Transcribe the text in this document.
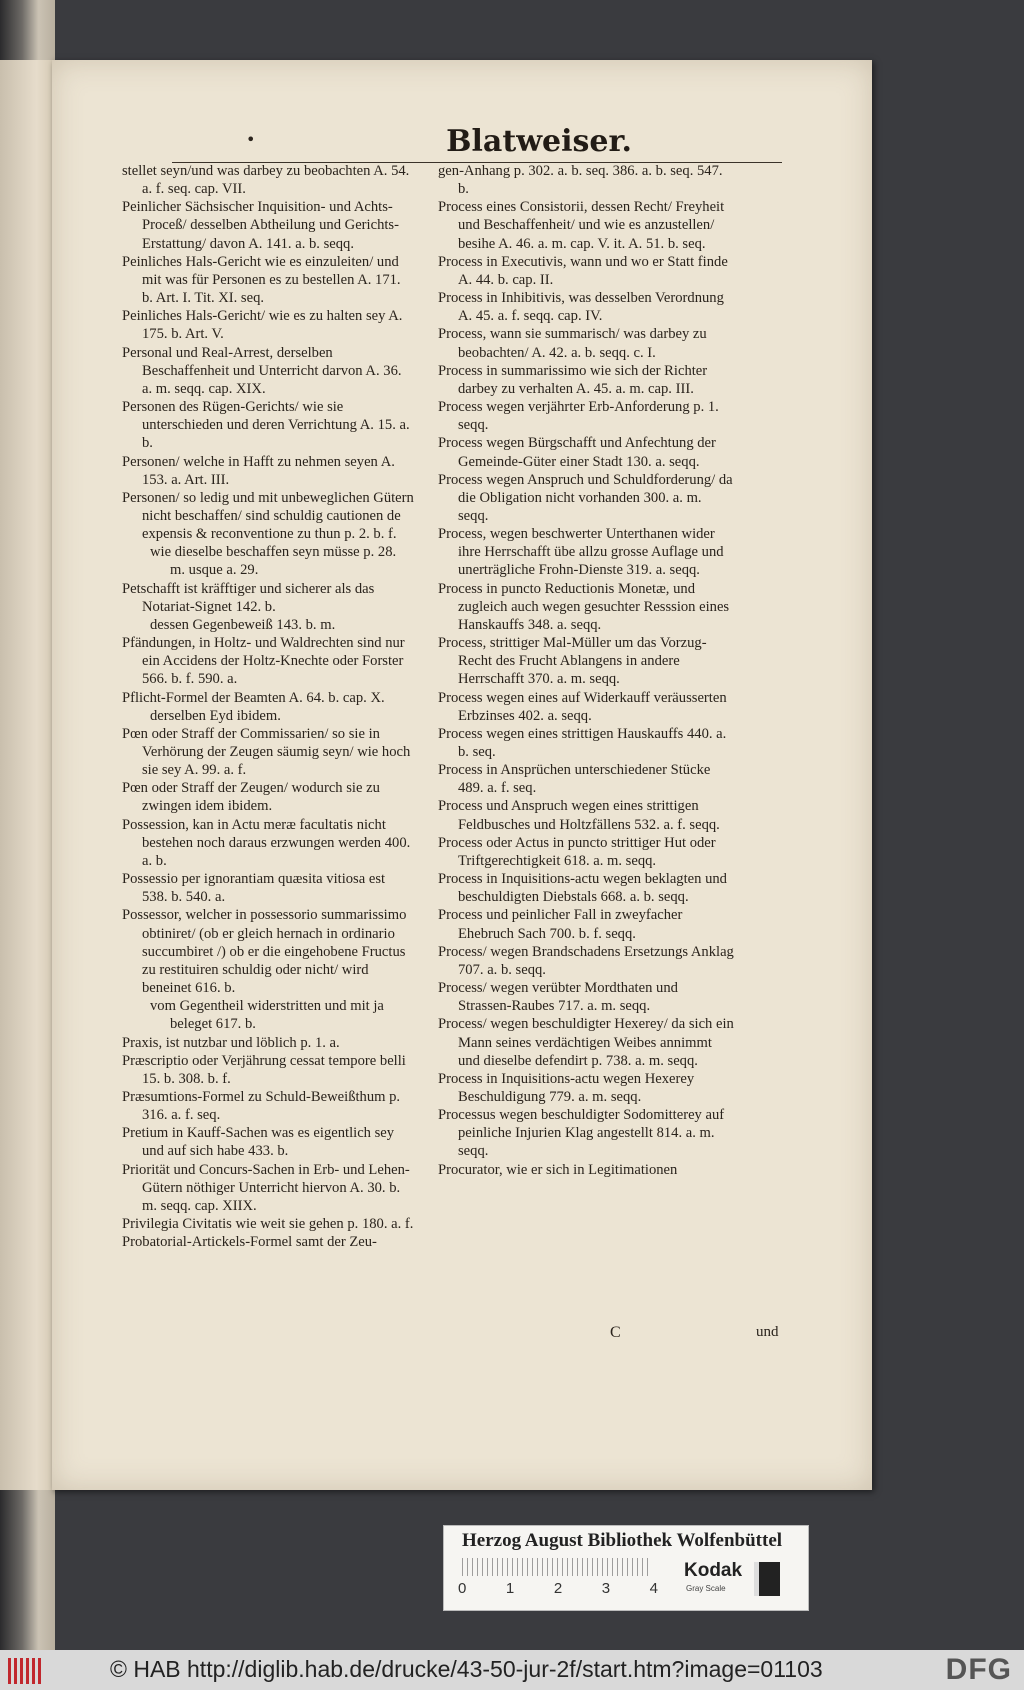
•	Blatweiser.

stellet seyn/und was darbey zu beobachten A. 54. a. f. seq. cap. VII.

Peinlicher Sächsischer Inquisition- und Achts-Proceß/ desselben Abtheilung und Gerichts-Erstattung/ davon A. 141. a. b. seqq.

Peinliches Hals-Gericht wie es einzuleiten/ und mit was für Personen es zu bestellen A. 171. b. Art. I. Tit. XI. seq.

Peinliches Hals-Gericht/ wie es zu halten sey A. 175. b. Art. V.

Personal und Real-Arrest, derselben Beschaffenheit und Unterricht darvon A. 36. a. m. seqq. cap. XIX.

Personen des Rügen-Gerichts/ wie sie unterschieden und deren Verrichtung A. 15. a. b.

Personen/ welche in Hafft zu nehmen seyen A. 153. a. Art. III.

Personen/ so ledig und mit unbeweglichen Gütern nicht beschaffen/ sind schuldig cautionen de expensis & reconventione zu thun p. 2. b. f.

wie dieselbe beschaffen seyn müsse p. 28. m. usque a. 29.

Petschafft ist kräfftiger und sicherer als das Notariat-Signet 142. b.

dessen Gegenbeweiß 143. b. m.

Pfändungen, in Holtz- und Waldrechten sind nur ein Accidens der Holtz-Knechte oder Forster 566. b. f. 590. a.

Pflicht-Formel der Beamten A. 64. b. cap. X.

derselben Eyd ibidem.

Pœn oder Straff der Commissarien/ so sie in Verhörung der Zeugen säumig seyn/ wie hoch sie sey A. 99. a. f.

Pœn oder Straff der Zeugen/ wodurch sie zu zwingen idem ibidem.

Possession, kan in Actu meræ facultatis nicht bestehen noch daraus erzwungen werden 400. a. b.

Possessio per ignorantiam quæsita vitiosa est 538. b. 540. a.

Possessor, welcher in possessorio summarissimo obtiniret/ (ob er gleich hernach in ordinario succumbiret /) ob er die eingehobene Fructus zu restituiren schuldig oder nicht/ wird beneinet 616. b.

vom Gegentheil widerstritten und mit ja beleget 617. b.

Praxis, ist nutzbar und löblich p. 1. a.

Præscriptio oder Verjährung cessat tempore belli 15. b. 308. b. f.

Præsumtions-Formel zu Schuld-Beweißthum p. 316. a. f. seq.

Pretium in Kauff-Sachen was es eigentlich sey und auf sich habe 433. b.

Priorität und Concurs-Sachen in Erb- und Lehen-Gütern nöthiger Unterricht hiervon A. 30. b. m. seqq. cap. XIIX.

Privilegia Civitatis wie weit sie gehen p. 180. a. f.

Probatorial-Artickels-Formel samt der Zeu-

gen-Anhang p. 302. a. b. seq. 386. a. b. seq. 547. b.

Process eines Consistorii, dessen Recht/ Freyheit und Beschaffenheit/ und wie es anzustellen/ besihe A. 46. a. m. cap. V. it. A. 51. b. seq.

Process in Executivis, wann und wo er Statt finde A. 44. b. cap. II.

Process in Inhibitivis, was desselben Verordnung A. 45. a. f. seqq. cap. IV.

Process, wann sie summarisch/ was darbey zu beobachten/ A. 42. a. b. seqq. c. I.

Process in summarissimo wie sich der Richter darbey zu verhalten A. 45. a. m. cap. III.

Process wegen verjährter Erb-Anforderung p. 1. seqq.

Process wegen Bürgschafft und Anfechtung der Gemeinde-Güter einer Stadt 130. a. seqq.

Process wegen Anspruch und Schuldforderung/ da die Obligation nicht vorhanden 300. a. m. seqq.

Process, wegen beschwerter Unterthanen wider ihre Herrschafft übe allzu grosse Auflage und unerträgliche Frohn-Dienste 319. a. seqq.

Process in puncto Reductionis Monetæ, und zugleich auch wegen gesuchter Resssion eines Hanskauffs 348. a. seqq.

Process, strittiger Mal-Müller um das Vorzug-Recht des Frucht Ablangens in andere Herrschafft 370. a. m. seqq.

Process wegen eines auf Widerkauff veräusserten Erbzinses 402. a. seqq.

Process wegen eines strittigen Hauskauffs 440. a. b. seq.

Process in Ansprüchen unterschiedener Stücke 489. a. f. seq.

Process und Anspruch wegen eines strittigen Feldbusches und Holtzfällens 532. a. f. seqq.

Process oder Actus in puncto strittiger Hut oder Triftgerechtigkeit 618. a. m. seqq.

Process in Inquisitions-actu wegen beklagten und beschuldigten Diebstals 668. a. b. seqq.

Process und peinlicher Fall in zweyfacher Ehebruch Sach 700. b. f. seqq.

Process/ wegen Brandschadens Ersetzungs Anklag 707. a. b. seqq.

Process/ wegen verübter Mordthaten und Strassen-Raubes 717. a. m. seqq.

Process/ wegen beschuldigter Hexerey/ da sich ein Mann seines verdächtigen Weibes annimmt und dieselbe defendirt p. 738. a. m. seqq.

Process in Inquisitions-actu wegen Hexerey Beschuldigung 779. a. m. seqq.

Processus wegen beschuldigter Sodomitterey auf peinliche Injurien Klag angestellt 814. a. m. seqq.

Procurator, wie er sich in Legitimationen

C	und
Herzog August Bibliothek Wolfenbüttel
0	1	2	3	4
Kodak
Gray Scale
© HAB http://diglib.hab.de/drucke/43-50-jur-2f/start.htm?image=01103	DFG
